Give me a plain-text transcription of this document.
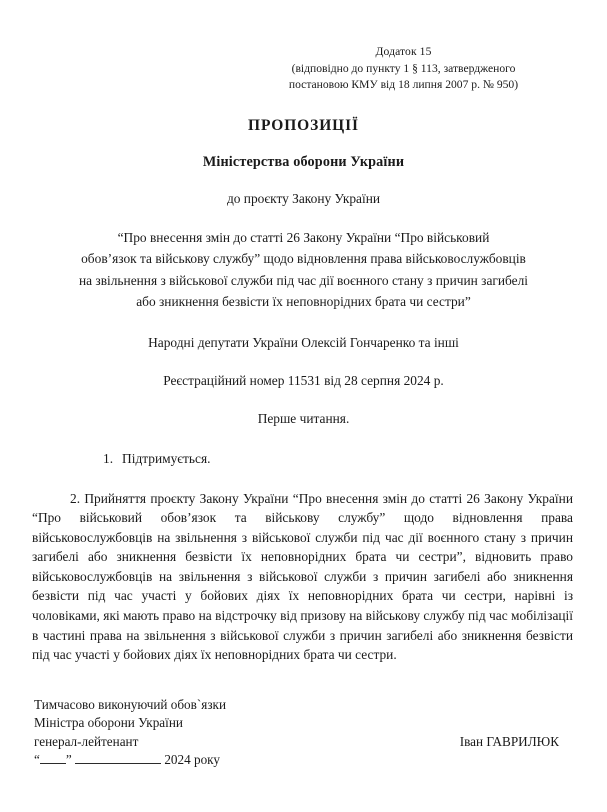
Додаток 15
(відповідно до пункту 1 § 113, затвердженого
постановою КМУ від 18 липня 2007 р. № 950)
ПРОПОЗИЦІЇ
Міністерства оборони України
до проєкту Закону України
“Про внесення змін до статті 26 Закону України “Про військовий
обов’язок та військову службу” щодо відновлення права військовослужбовців
на звільнення з військової служби під час дії воєнного стану з причин загибелі
або зникнення безвісти їх неповнорідних брата чи сестри”
Народні депутати України Олексій Гончаренко та інші
Реєстраційний номер 11531 від 28 серпня 2024 р.
Перше читання.
1. Підтримується.
2. Прийняття проєкту Закону України “Про внесення змін до статті 26 Закону України “Про військовий обов’язок та військову службу” щодо відновлення права військовослужбовців на звільнення з військової служби під час дії воєнного стану з причин загибелі або зникнення безвісти їх неповнорідних брата чи сестри”, відновить право військовослужбовців на звільнення з військової служби з причин загибелі або зникнення безвісти під час участі у бойових діях їх неповнорідних брата чи сестри, нарівні із чоловіками, які мають право на відстрочку від призову на військову службу під час мобілізації в частині права на звільнення з військової служби з причин загибелі або зникнення безвісти під час участі у бойових діях їх неповнорідних брата чи сестри.
Тимчасово виконуючий обов`язки
Міністра оборони України
генерал-лейтенант	Іван ГАВРИЛЮК
“ ”	2024 року
